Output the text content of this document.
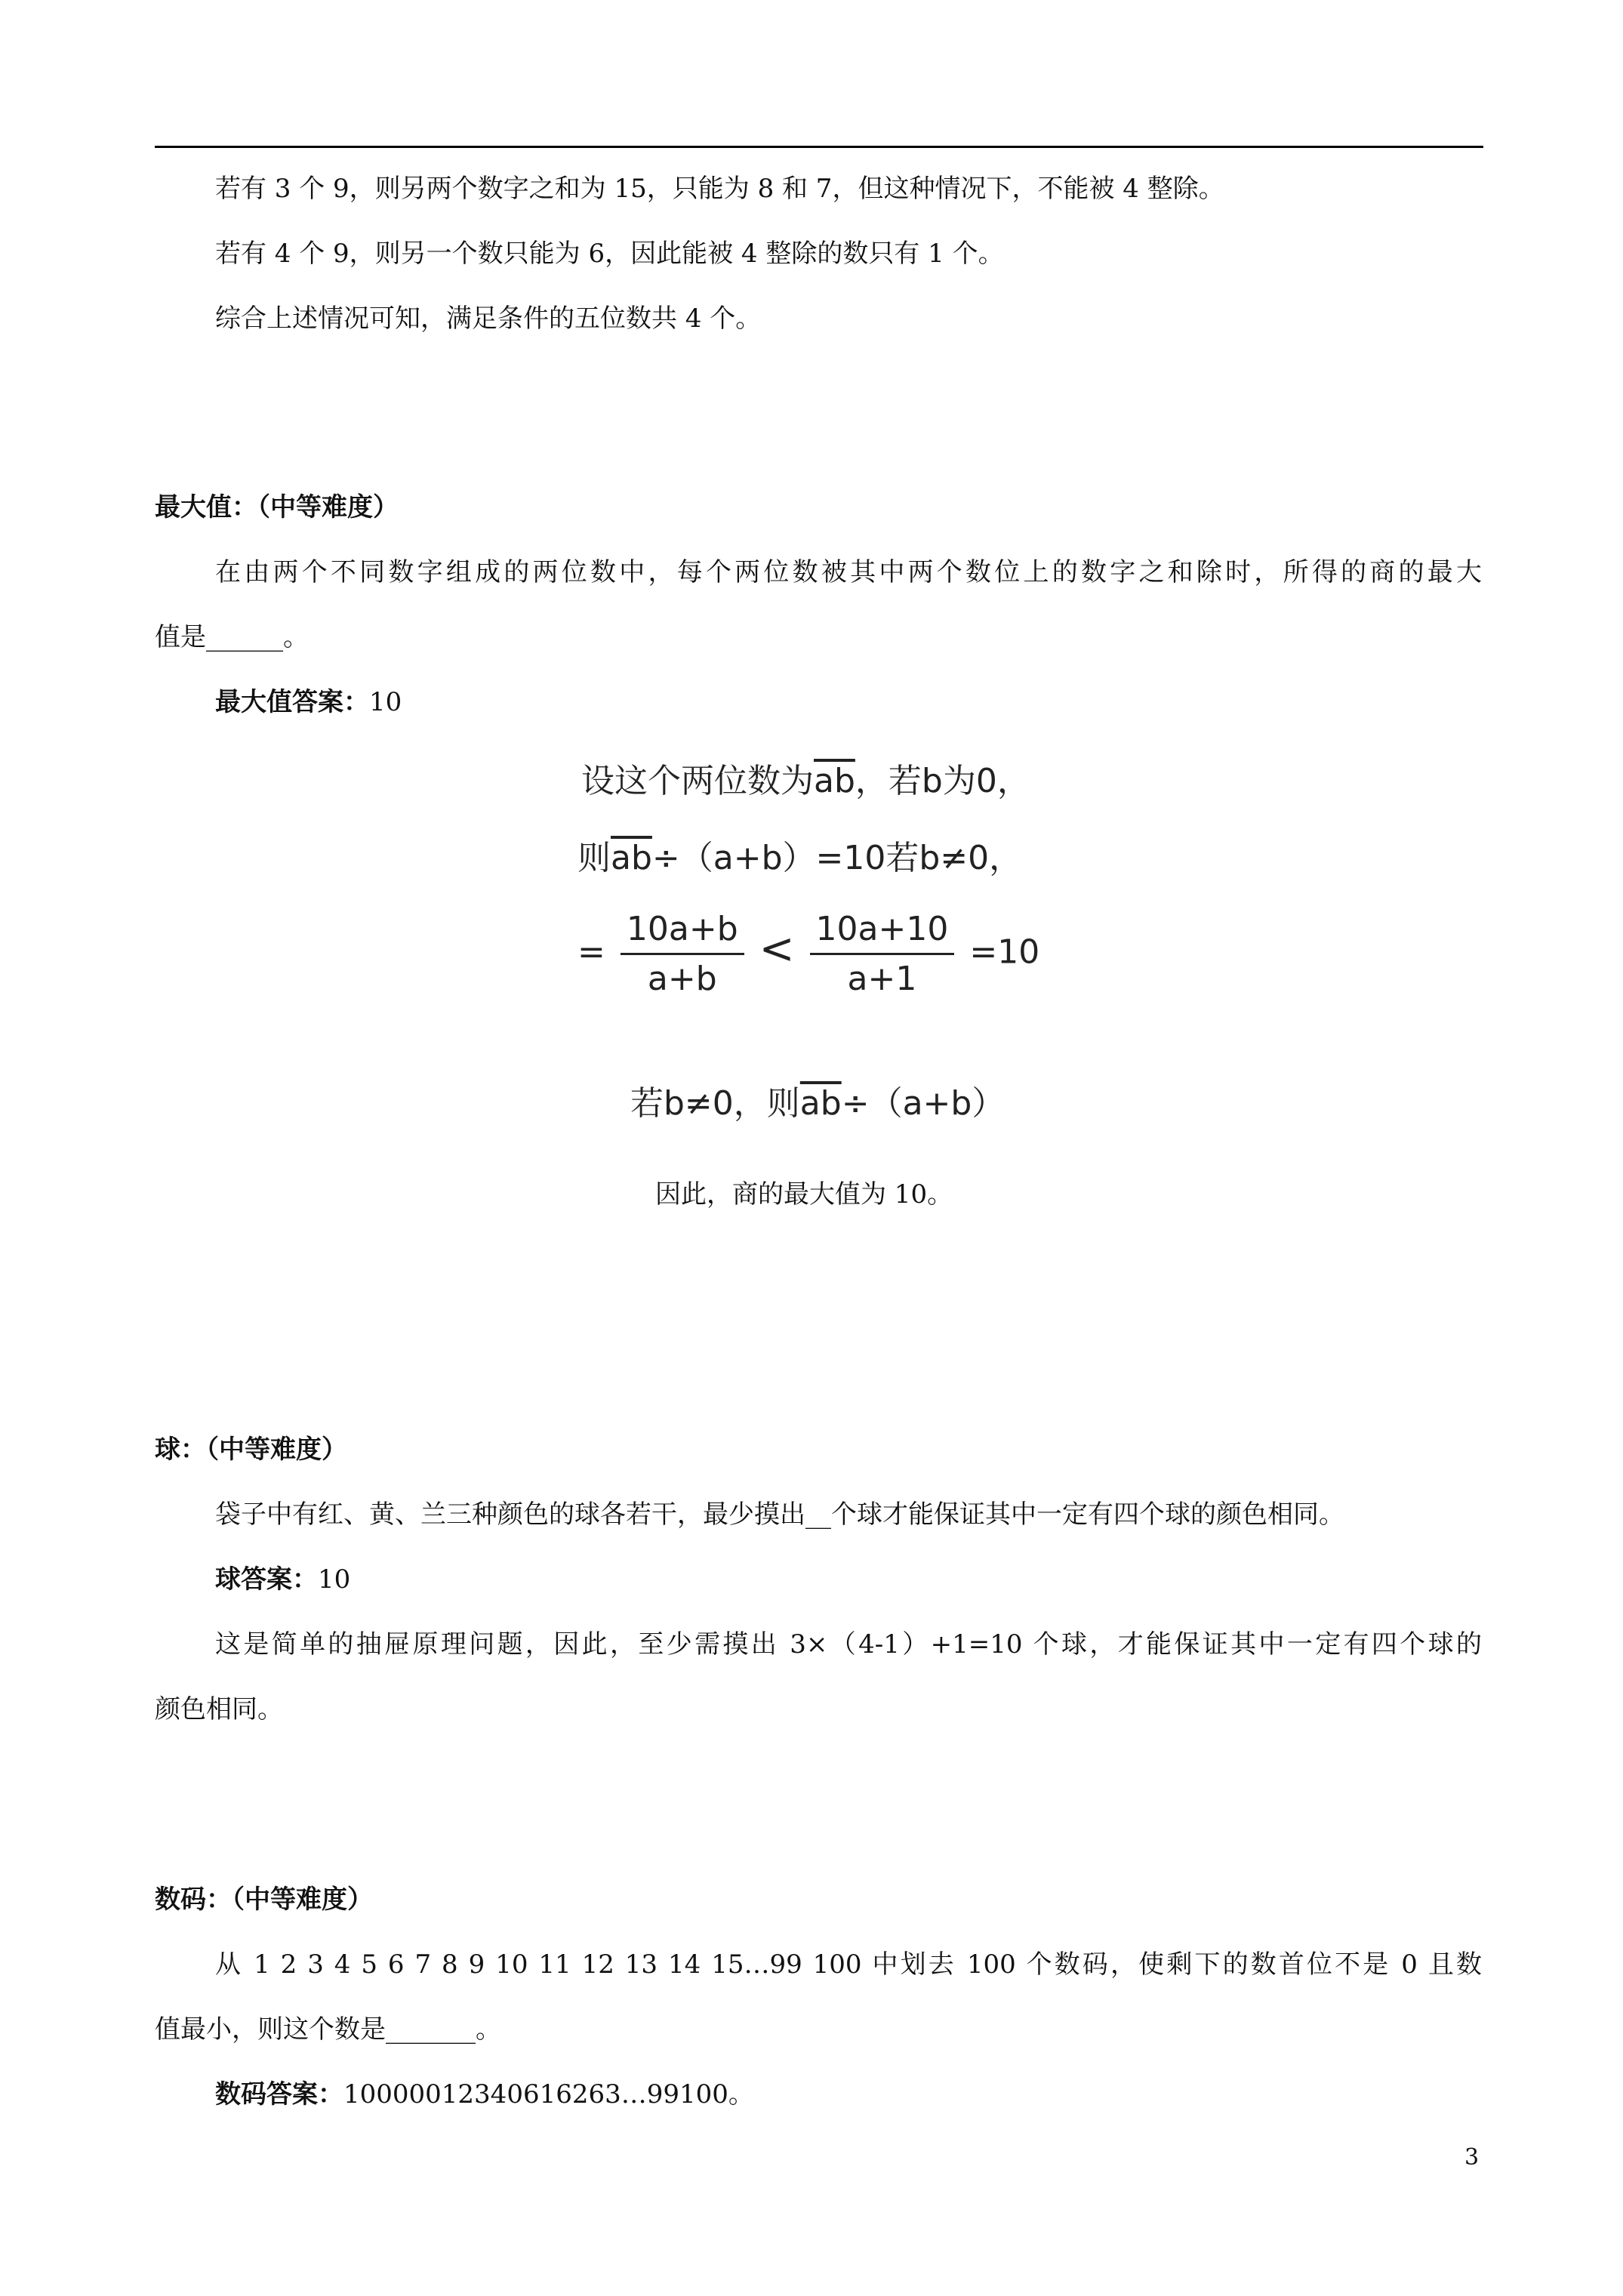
若有 3 个 9，则另两个数字之和为 15，只能为 8 和 7，但这种情况下，不能被 4 整除。
若有 4 个 9，则另一个数只能为 6，因此能被 4 整除的数只有 1 个。
综合上述情况可知，满足条件的五位数共 4 个。
最大值：（中等难度）
在由两个不同数字组成的两位数中，每个两位数被其中两个数位上的数字之和除时，所得的商的最大
值是______。
最大值答案：10
设这个两位数为$\overline{ab}$，若b为0，
则$\overline{ab}\div(a+b)=10$若b≠0，
= $\frac{10a+b}{a+b} < \frac{10a+10}{a+1} =10$
若b≠0，则$\overline{ab}\div(a+b)$
因此，商的最大值为 10。
球：（中等难度）
袋子中有红、黄、兰三种颜色的球各若干，最少摸出__个球才能保证其中一定有四个球的颜色相同。
球答案：10
这是简单的抽屉原理问题，因此，至少需摸出 3×（4-1）+1=10 个球，才能保证其中一定有四个球的
颜色相同。
数码：（中等难度）
从 1 2 3 4 5 6 7 8 9 10 11 12 13 14 15…99 100 中划去 100 个数码，使剩下的数首位不是 0 且数
值最小，则这个数是_______。
数码答案：10000012340616263…99100。
3
